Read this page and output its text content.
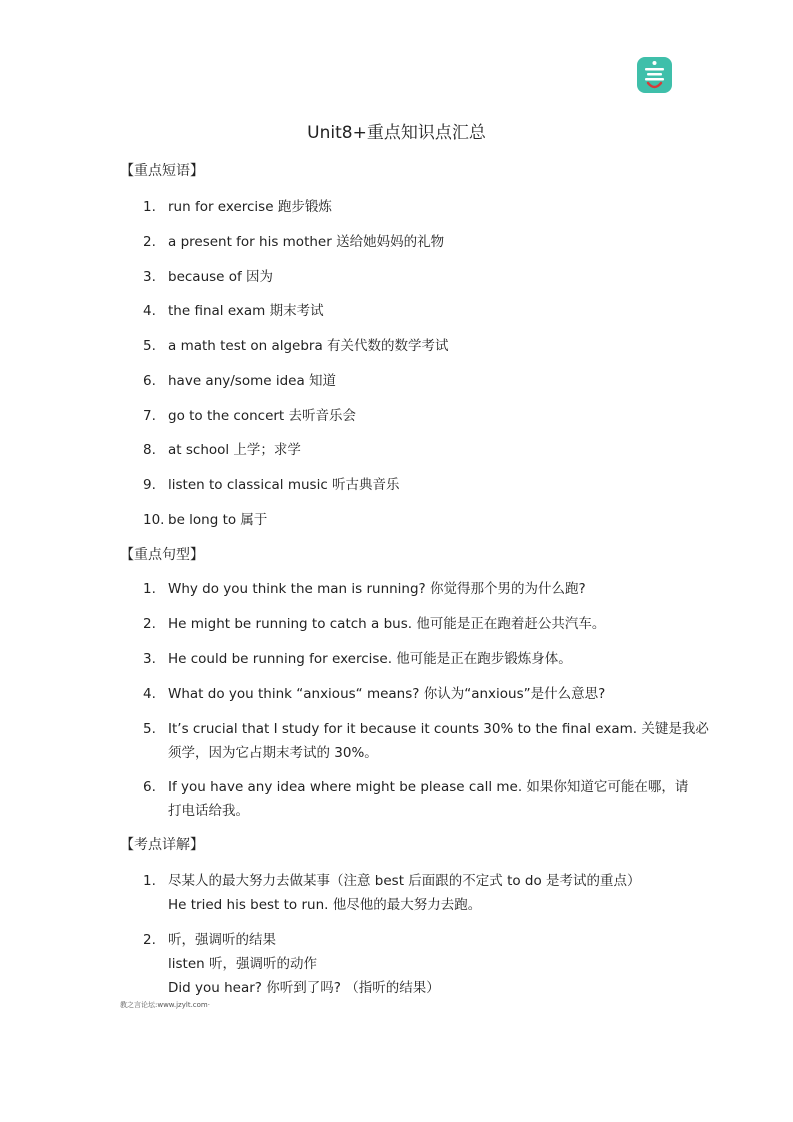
Unit8+重点知识点汇总
【重点短语】
1. run for exercise 跑步锻炼
2. a present for his mother 送给她妈妈的礼物
3. because of 因为
4. the final exam 期末考试
5. a math test on algebra 有关代数的数学考试
6. have any/some idea 知道
7. go to the concert 去听音乐会
8. at school 上学；求学
9. listen to classical music 听古典音乐
10. be long to 属于
【重点句型】
1. Why do you think the man is running? 你觉得那个男的为什么跑?
2. He might be running to catch a bus. 他可能是正在跑着赶公共汽车。
3. He could be running for exercise. 他可能是正在跑步锻炼身体。
4. What do you think “anxious“ means? 你认为“anxious”是什么意思?
5. It’s crucial that I study for it because it counts 30% to the final exam. 关键是我必
须学，因为它占期末考试的 30%。
6. If you have any idea where might be please call me. 如果你知道它可能在哪，请
打电话给我。
【考点详解】
1. 尽某人的最大努力去做某事（注意 best 后面跟的不定式 to do 是考试的重点）
He tried his best to run. 他尽他的最大努力去跑。
2. 听，强调听的结果
listen 听，强调听的动作
Did you hear? 你听到了吗? （指听的结果）
教之言论坛:www.jzylt.com·
